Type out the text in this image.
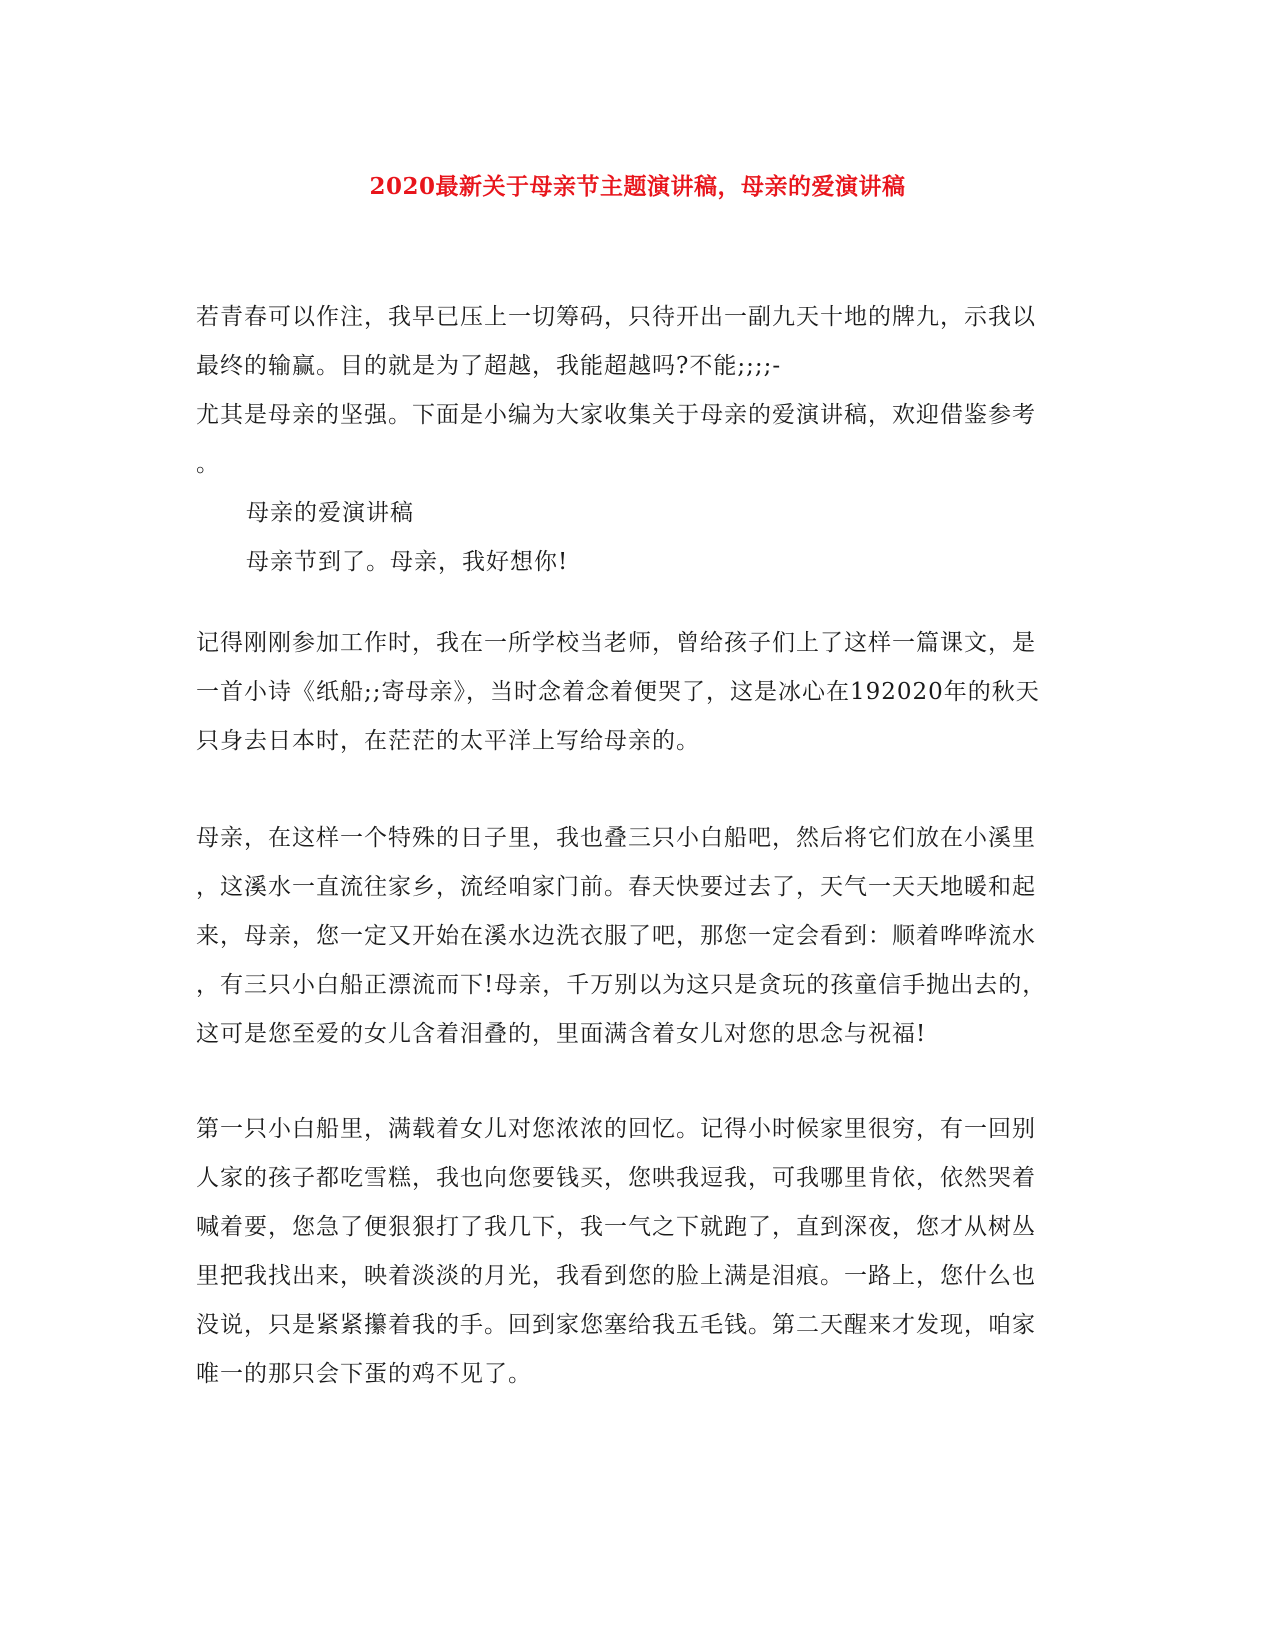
2020最新关于母亲节主题演讲稿，母亲的爱演讲稿
若青春可以作注，我早已压上一切筹码，只待开出一副九天十地的牌九，示我以
最终的输赢。目的就是为了超越，我能超越吗?不能;;;;-
尤其是母亲的坚强。下面是小编为大家收集关于母亲的爱演讲稿，欢迎借鉴参考
。
母亲的爱演讲稿
母亲节到了。母亲，我好想你!
记得刚刚参加工作时，我在一所学校当老师，曾给孩子们上了这样一篇课文，是
一首小诗《纸船;;寄母亲》，当时念着念着便哭了，这是冰心在192020年的秋天
只身去日本时，在茫茫的太平洋上写给母亲的。
母亲，在这样一个特殊的日子里，我也叠三只小白船吧，然后将它们放在小溪里
，这溪水一直流往家乡，流经咱家门前。春天快要过去了，天气一天天地暖和起
来，母亲，您一定又开始在溪水边洗衣服了吧，那您一定会看到：顺着哗哗流水
，有三只小白船正漂流而下!母亲，千万别以为这只是贪玩的孩童信手抛出去的，
这可是您至爱的女儿含着泪叠的，里面满含着女儿对您的思念与祝福!
第一只小白船里，满载着女儿对您浓浓的回忆。记得小时候家里很穷，有一回别
人家的孩子都吃雪糕，我也向您要钱买，您哄我逗我，可我哪里肯依，依然哭着
喊着要，您急了便狠狠打了我几下，我一气之下就跑了，直到深夜，您才从树丛
里把我找出来，映着淡淡的月光，我看到您的脸上满是泪痕。一路上，您什么也
没说，只是紧紧攥着我的手。回到家您塞给我五毛钱。第二天醒来才发现，咱家
唯一的那只会下蛋的鸡不见了。
